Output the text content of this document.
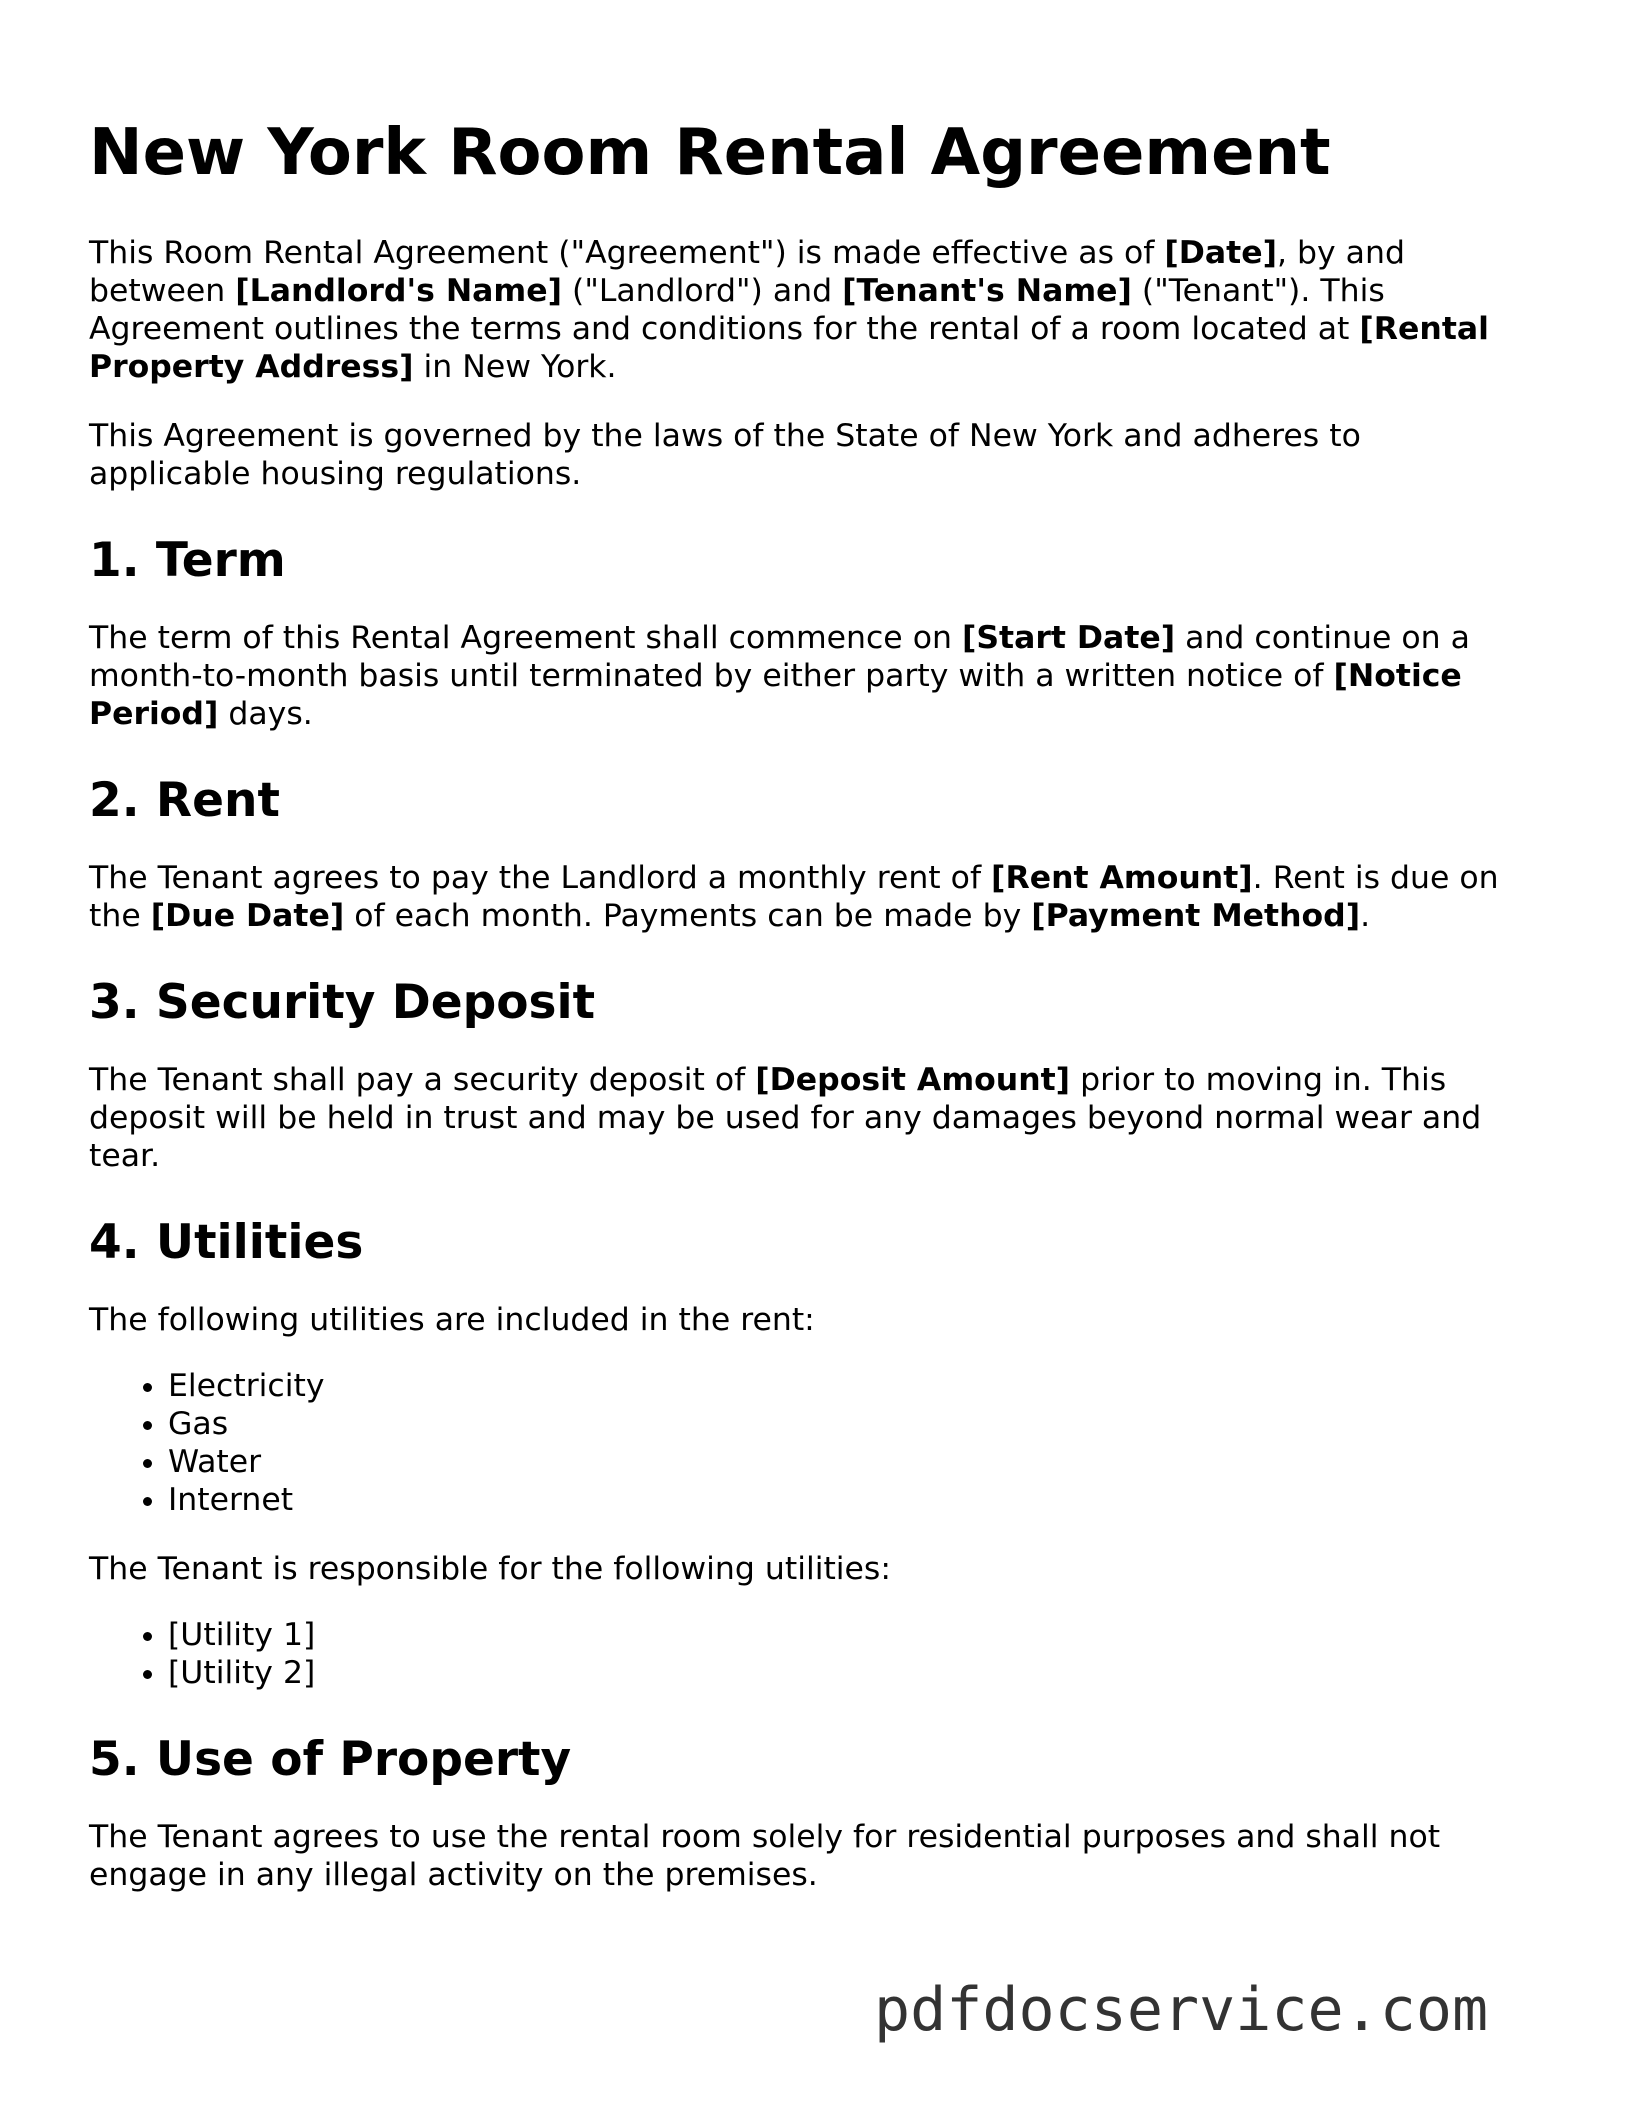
New York Room Rental Agreement

This Room Rental Agreement ("Agreement") is made effective as of [Date], by and between [Landlord's Name] ("Landlord") and [Tenant's Name] ("Tenant"). This Agreement outlines the terms and conditions for the rental of a room located at [Rental Property Address] in New York.

This Agreement is governed by the laws of the State of New York and adheres to applicable housing regulations.

1. Term

The term of this Rental Agreement shall commence on [Start Date] and continue on a month-to-month basis until terminated by either party with a written notice of [Notice Period] days.

2. Rent

The Tenant agrees to pay the Landlord a monthly rent of [Rent Amount]. Rent is due on the [Due Date] of each month. Payments can be made by [Payment Method].

3. Security Deposit

The Tenant shall pay a security deposit of [Deposit Amount] prior to moving in. This deposit will be held in trust and may be used for any damages beyond normal wear and tear.

4. Utilities

The following utilities are included in the rent:

• Electricity
• Gas
• Water
• Internet

The Tenant is responsible for the following utilities:

• [Utility 1]
• [Utility 2]
5. Use of Property

The Tenant agrees to use the rental room solely for residential purposes and shall not engage in any illegal activity on the premises.

pdfdocservice.com
